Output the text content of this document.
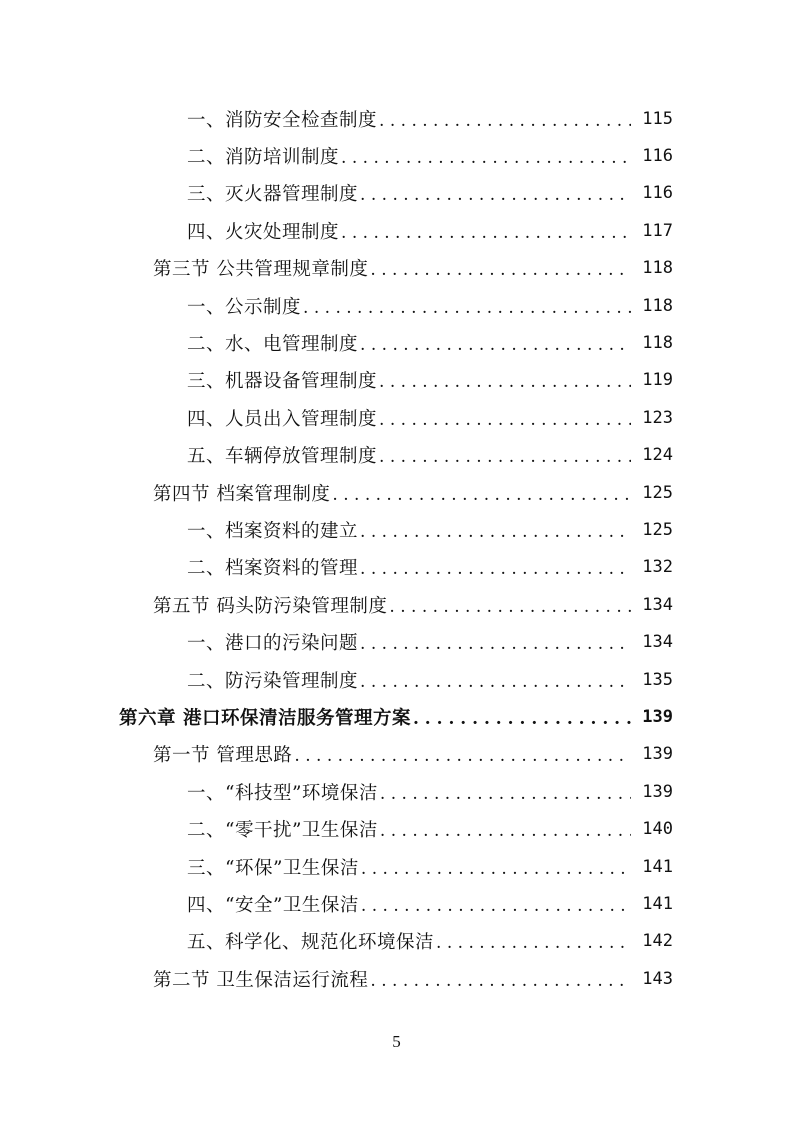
一、消防安全检查制度 . . .	115
二、消防培训制度 . . .	116
三、灭火器管理制度 . . .	116
四、火灾处理制度 . . .	117
第三节 公共管理规章制度 . . .	118
一、公示制度 . . .	118
二、水、电管理制度 . . .	118
三、机器设备管理制度 . . .	119
四、人员出入管理制度 . . .	123
五、车辆停放管理制度 . . .	124
第四节 档案管理制度 . . .	125
一、档案资料的建立 . . .	125
二、档案资料的管理 . . .	132
第五节 码头防污染管理制度 . . .	134
一、港口的污染问题 . . .	134
二、防污染管理制度 . . .	135
第六章 港口环保清洁服务管理方案 . . .	139
第一节 管理思路 . . .	139
一、“科技型”环境保洁 . . .	139
二、“零干扰”卫生保洁 . . .	140
三、“环保”卫生保洁 . . .	141
四、“安全”卫生保洁 . . .	141
五、科学化、规范化环境保洁 . . .	142
第二节 卫生保洁运行流程 . . .	143
5
